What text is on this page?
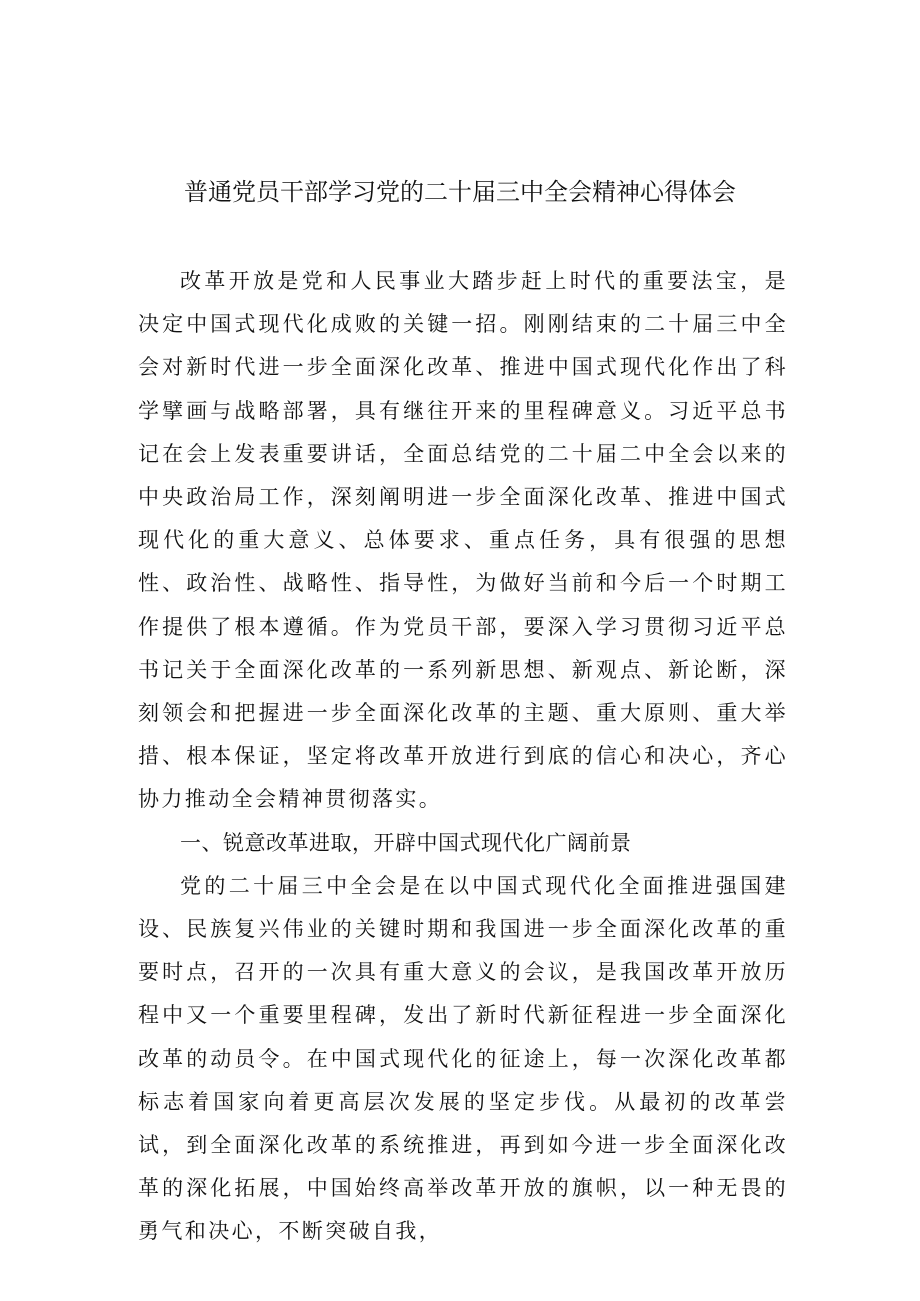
普通党员干部学习党的二十届三中全会精神心得体会

改革开放是党和人民事业大踏步赶上时代的重要法宝，是决定中国式现代化成败的关键一招。刚刚结束的二十届三中全会对新时代进一步全面深化改革、推进中国式现代化作出了科学擘画与战略部署，具有继往开来的里程碑意义。习近平总书记在会上发表重要讲话，全面总结党的二十届二中全会以来的中央政治局工作，深刻阐明进一步全面深化改革、推进中国式现代化的重大意义、总体要求、重点任务，具有很强的思想性、政治性、战略性、指导性，为做好当前和今后一个时期工作提供了根本遵循。作为党员干部，要深入学习贯彻习近平总书记关于全面深化改革的一系列新思想、新观点、新论断，深刻领会和把握进一步全面深化改革的主题、重大原则、重大举措、根本保证，坚定将改革开放进行到底的信心和决心，齐心协力推动全会精神贯彻落实。

一、锐意改革进取，开辟中国式现代化广阔前景

党的二十届三中全会是在以中国式现代化全面推进强国建设、民族复兴伟业的关键时期和我国进一步全面深化改革的重要时点，召开的一次具有重大意义的会议，是我国改革开放历程中又一个重要里程碑，发出了新时代新征程进一步全面深化改革的动员令。在中国式现代化的征途上，每一次深化改革都标志着国家向着更高层次发展的坚定步伐。从最初的改革尝试，到全面深化改革的系统推进，再到如今进一步全面深化改革的深化拓展，中国始终高举改革开放的旗帜，以一种无畏的勇气和决心，不断突破自我，
